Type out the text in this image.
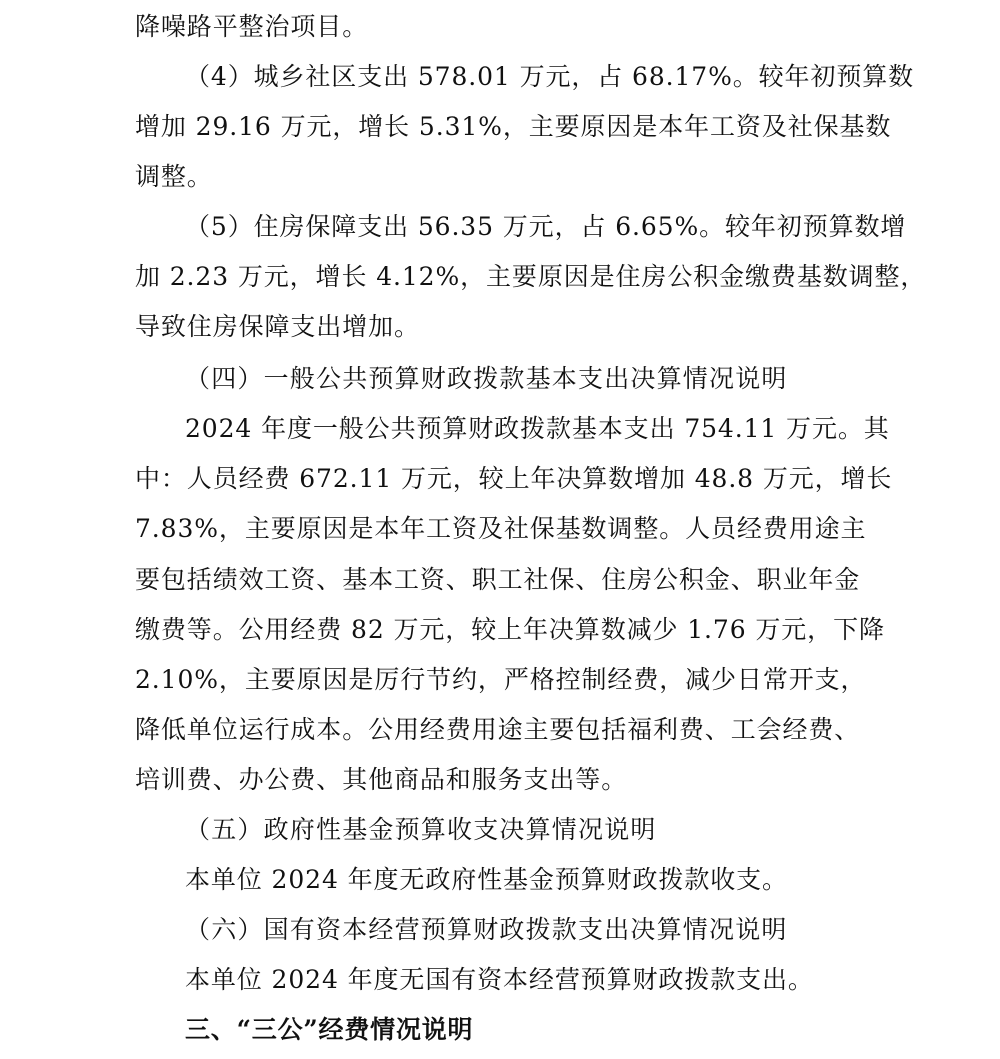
降噪路平整治项目。
（4）城乡社区支出 578.01 万元，占 68.17%。较年初预算数
增加 29.16 万元，增长 5.31%，主要原因是本年工资及社保基数
调整。
（5）住房保障支出 56.35 万元，占 6.65%。较年初预算数增
加 2.23 万元，增长 4.12%，主要原因是住房公积金缴费基数调整，
导致住房保障支出增加。
（四）一般公共预算财政拨款基本支出决算情况说明
2024 年度一般公共预算财政拨款基本支出 754.11 万元。其
中：人员经费 672.11 万元，较上年决算数增加 48.8 万元，增长
7.83%，主要原因是本年工资及社保基数调整。人员经费用途主
要包括绩效工资、基本工资、职工社保、住房公积金、职业年金
缴费等。公用经费 82 万元，较上年决算数减少 1.76 万元，下降
2.10%，主要原因是厉行节约，严格控制经费，减少日常开支，
降低单位运行成本。公用经费用途主要包括福利费、工会经费、
培训费、办公费、其他商品和服务支出等。
（五）政府性基金预算收支决算情况说明
本单位 2024 年度无政府性基金预算财政拨款收支。
（六）国有资本经营预算财政拨款支出决算情况说明
本单位 2024 年度无国有资本经营预算财政拨款支出。
三、“三公”经费情况说明
